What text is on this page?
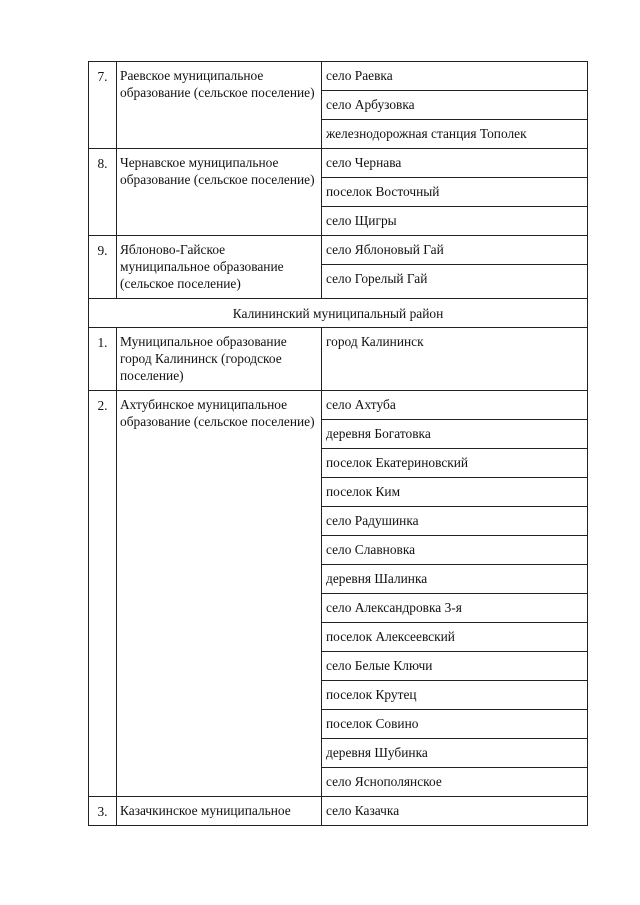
7.	Раевское муниципальное образование (сельское поселение)	село Раевка
		село Арбузовка
		железнодорожная станция Тополек
8.	Чернавское муниципальное образование (сельское поселение)	село Чернава
		поселок Восточный
		село Щигры
9.	Яблоново-Гайское муниципальное образование (сельское поселение)	село Яблоновый Гай
		село Горелый Гай
Калининский муниципальный район		
1.	Муниципальное образование город Калининск (городское поселение)	город Калининск
2.	Ахтубинское муниципальное образование (сельское поселение)	село Ахтуба
		деревня Богатовка
		поселок Екатериновский
		поселок Ким
		село Радушинка
		село Славновка
		деревня Шалинка
		село Александровка 3-я
		поселок Алексеевский
		село Белые Ключи
		поселок Крутец
		поселок Совино
		деревня Шубинка
		село Яснополянское
3.	Казачкинское муниципальное	село Казачка
